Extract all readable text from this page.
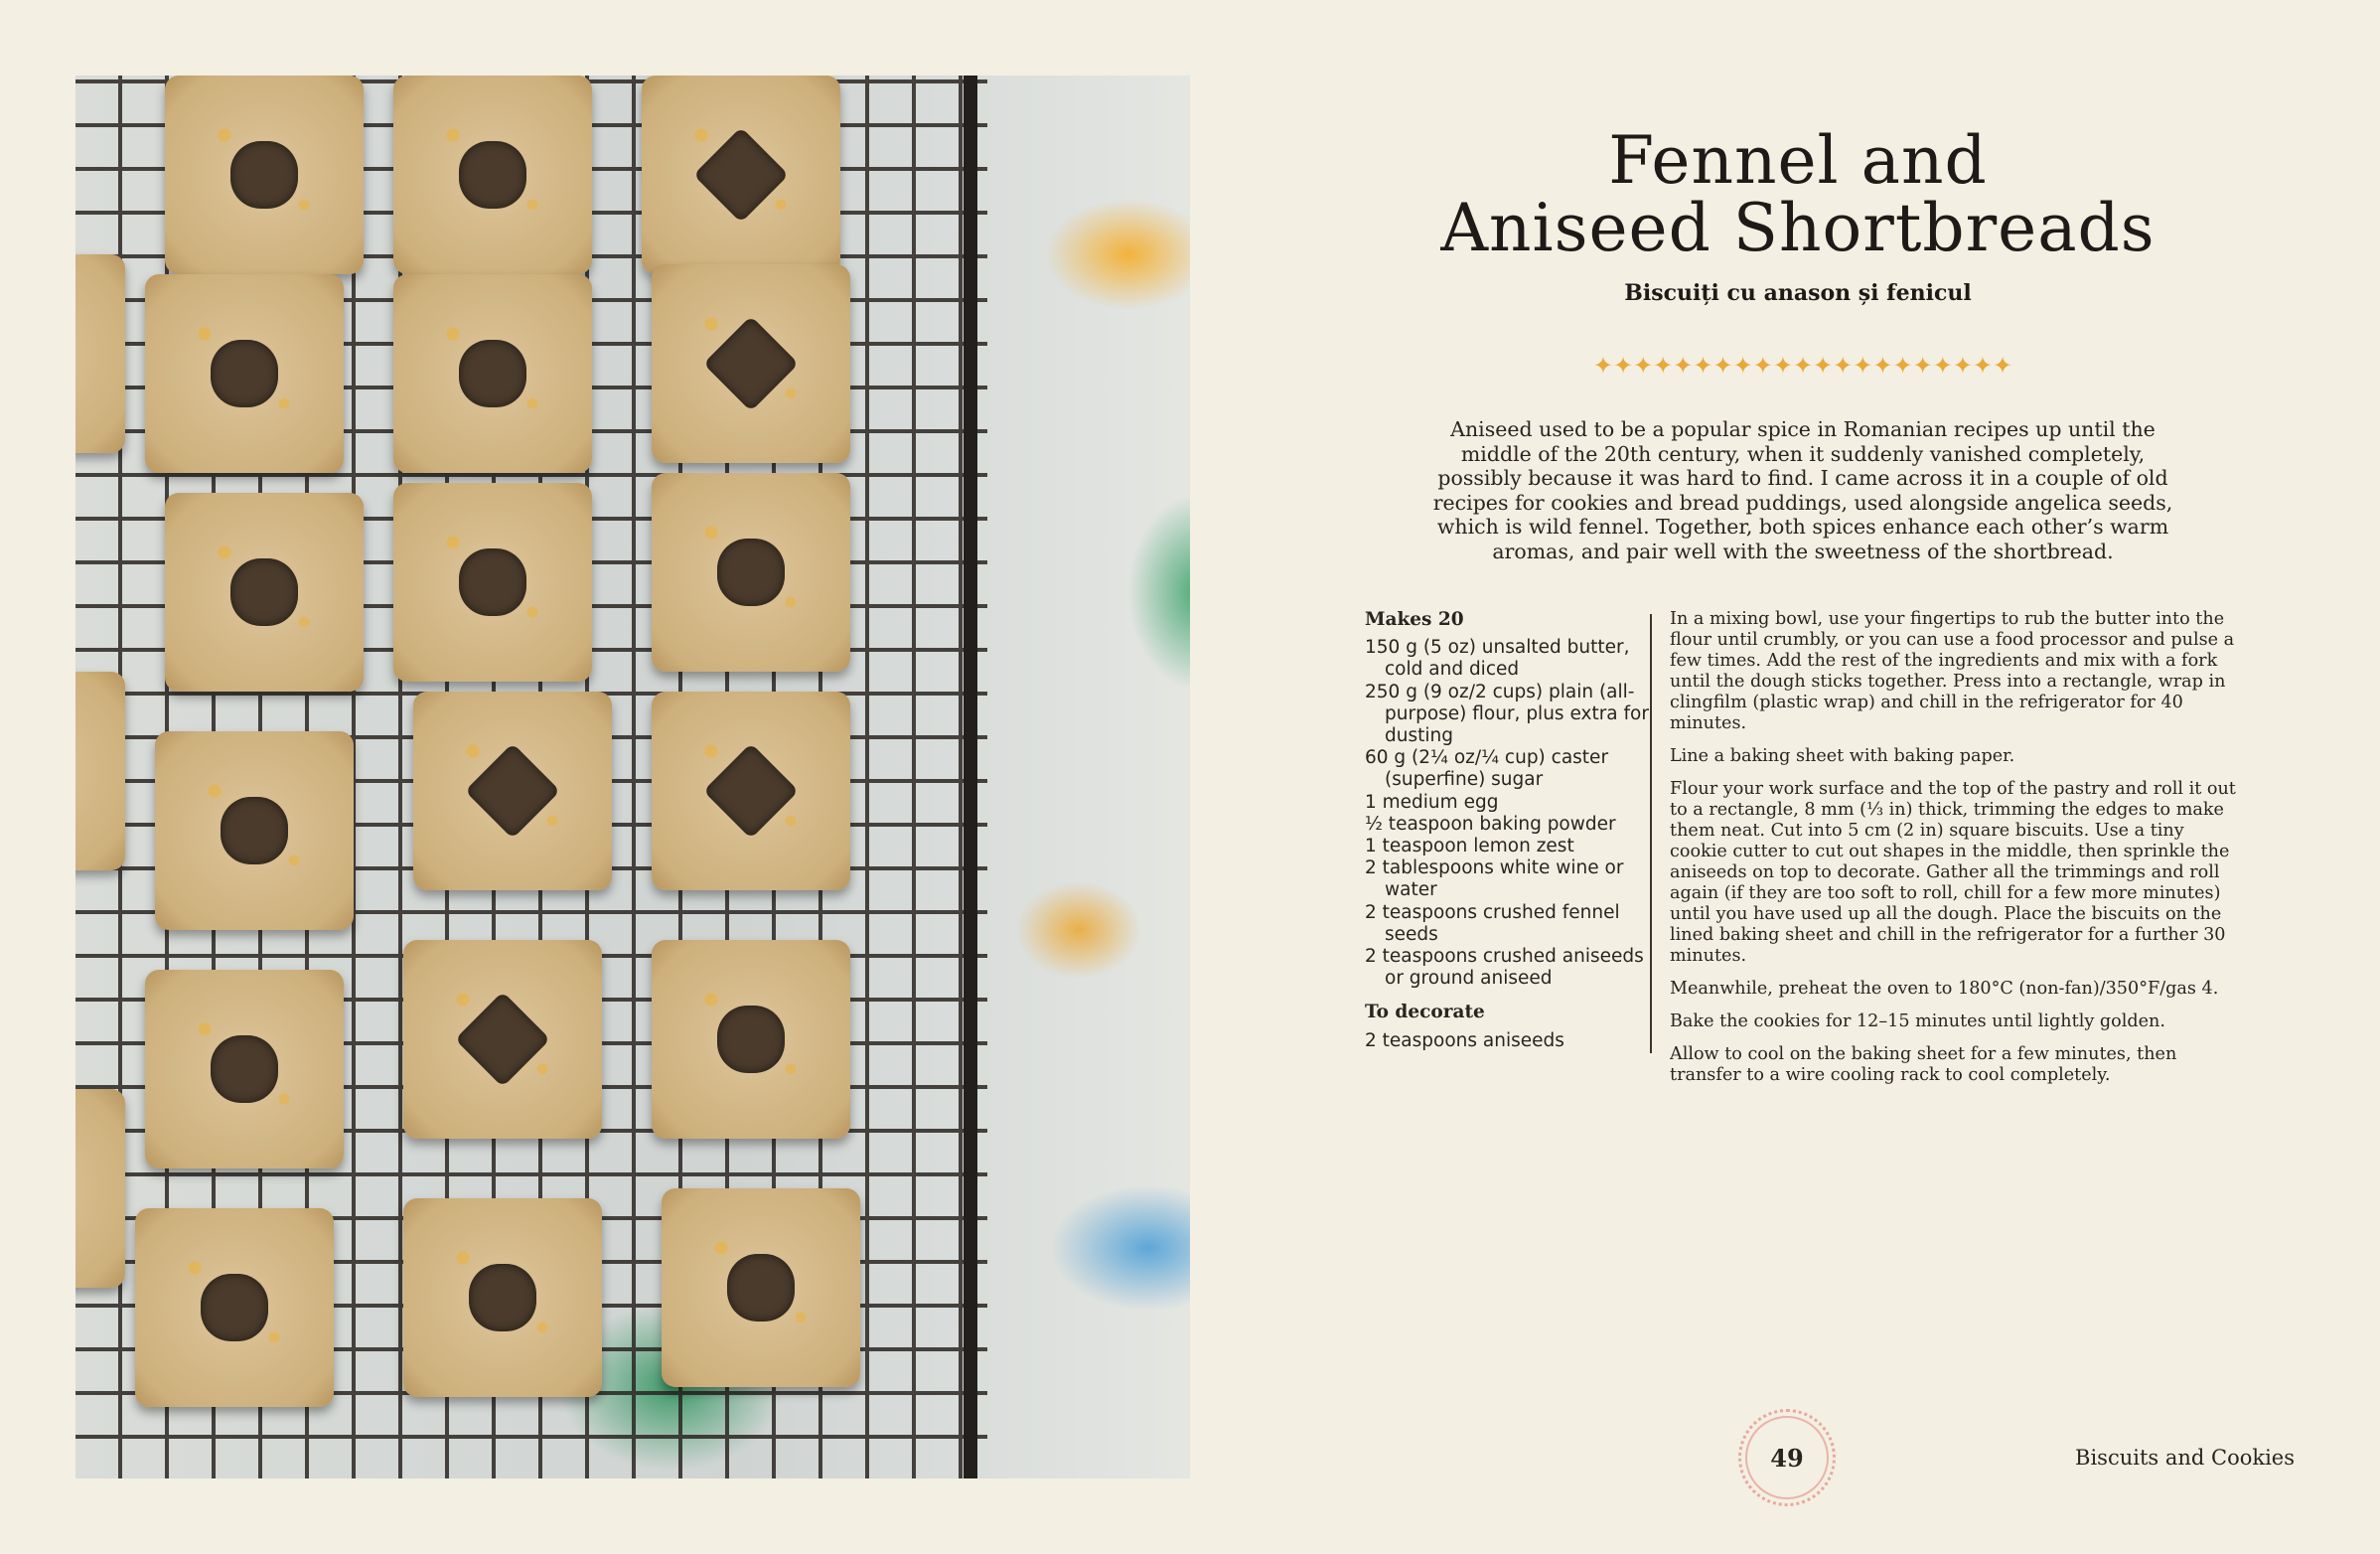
Fennel and
Aniseed Shortbreads
Biscuiți cu anason și fenicul
✦✦✦✦✦✦✦✦✦✦✦✦✦✦✦✦✦✦✦✦✦
Aniseed used to be a popular spice in Romanian recipes up until the middle of the 20th century, when it suddenly vanished completely, possibly because it was hard to find. I came across it in a couple of old recipes for cookies and bread puddings, used alongside angelica seeds, which is wild fennel. Together, both spices enhance each other’s warm aromas, and pair well with the sweetness of the shortbread.
Makes 20
150 g (5 oz) unsalted butter, cold and diced
250 g (9 oz/2 cups) plain (all-purpose) flour, plus extra for dusting
60 g (2¼ oz/¼ cup) caster (superfine) sugar
1 medium egg
½ teaspoon baking powder
1 teaspoon lemon zest
2 tablespoons white wine or water
2 teaspoons crushed fennel seeds
2 teaspoons crushed aniseeds or ground aniseed
To decorate
2 teaspoons aniseeds

In a mixing bowl, use your fingertips to rub the butter into the flour until crumbly, or you can use a food processor and pulse a few times. Add the rest of the ingredients and mix with a fork until the dough sticks together. Press into a rectangle, wrap in clingfilm (plastic wrap) and chill in the refrigerator for 40 minutes.

Line a baking sheet with baking paper.

Flour your work surface and the top of the pastry and roll it out to a rectangle, 8 mm (⅓ in) thick, trimming the edges to make them neat. Cut into 5 cm (2 in) square biscuits. Use a tiny cookie cutter to cut out shapes in the middle, then sprinkle the aniseeds on top to decorate. Gather all the trimmings and roll again (if they are too soft to roll, chill for a few more minutes) until you have used up all the dough. Place the biscuits on the lined baking sheet and chill in the refrigerator for a further 30 minutes.

Meanwhile, preheat the oven to 180°C (non-fan)/350°F/gas 4.

Bake the cookies for 12–15 minutes until lightly golden.

Allow to cool on the baking sheet for a few minutes, then transfer to a wire cooling rack to cool completely.

49	Biscuits and Cookies
